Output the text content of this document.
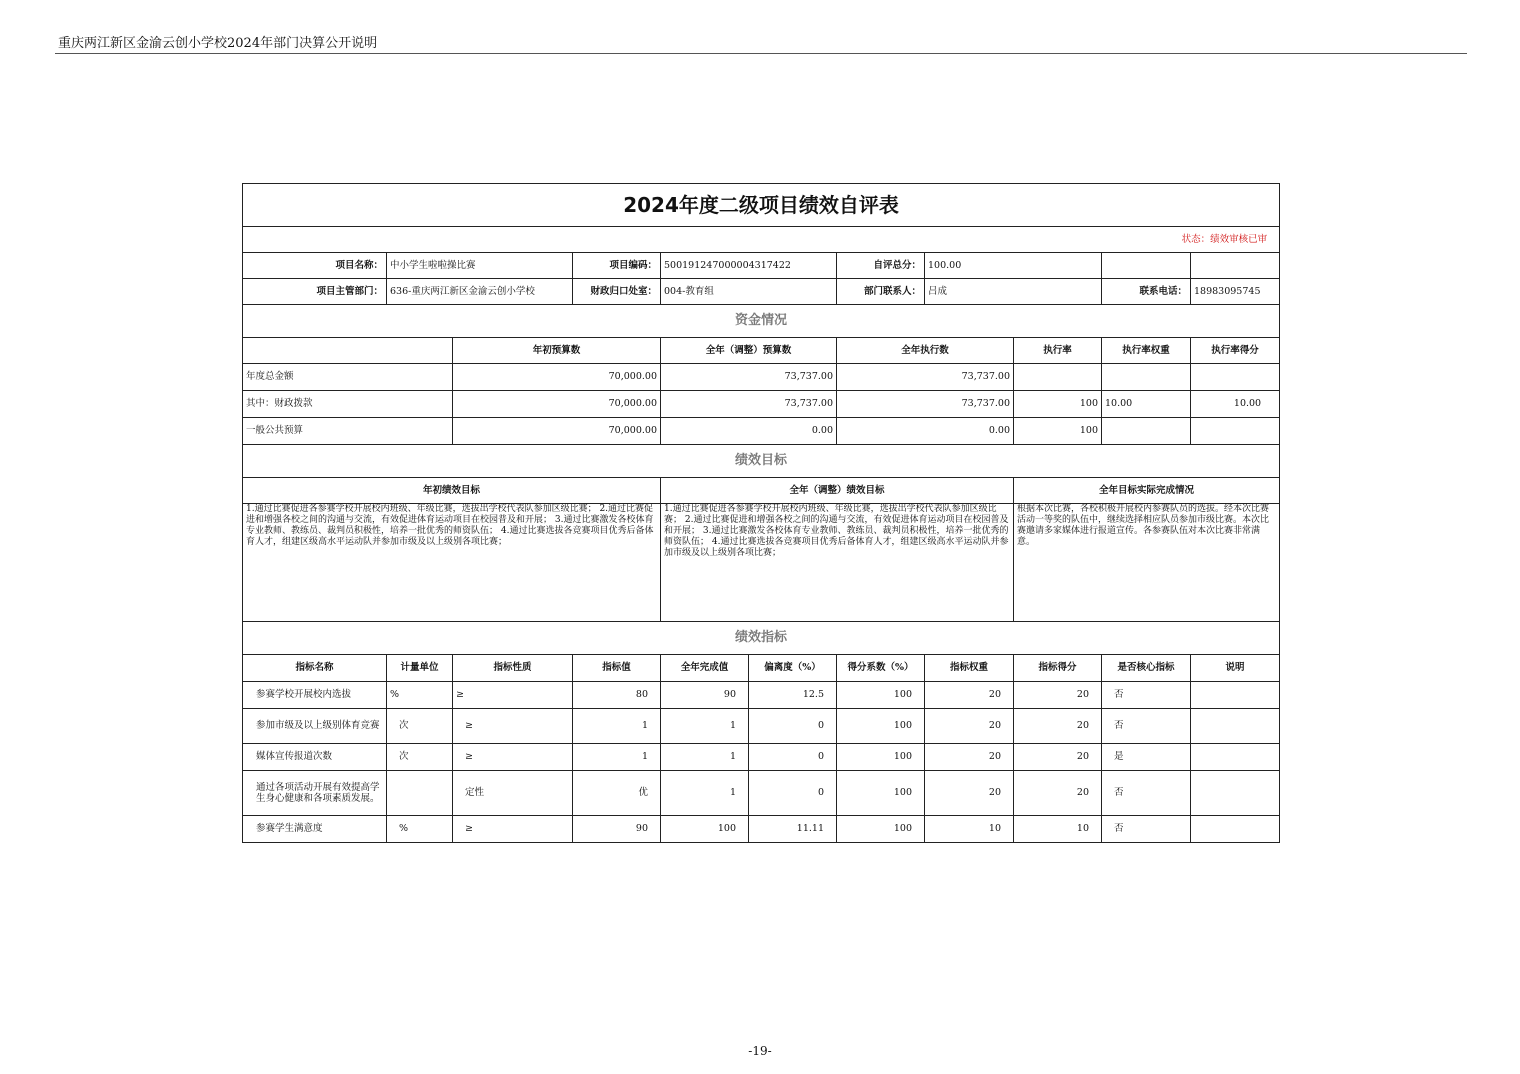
重庆两江新区金渝云创小学校2024年部门决算公开说明
2024年度二级项目绩效自评表										
状态：绩效审核已审										
项目名称：	中小学生啦啦操比赛		项目编码：	500191247000004317422		自评总分：	100.00			
项目主管部门：	636-重庆两江新区金渝云创小学校		财政归口处室：	004-教育组		部门联系人：	吕成		联系电话：	18983095745
资金情况										
		年初预算数		全年（调整）预算数		全年执行数		执行率	执行率权重	执行率得分
年度总金额		70,000.00		73,737.00		73,737.00				
其中：财政拨款		70,000.00		73,737.00		73,737.00		100	10.00	10.00
一般公共预算		70,000.00		0.00		0.00		100		
绩效目标										
年初绩效目标				全年（调整）绩效目标				全年目标实际完成情况		
1.通过比赛促进各参赛学校开展校内班级、年级比赛，选拔出学校代表队参加区级比赛； 2.通过比赛促进和增强各校之间的沟通与交流，有效促进体育运动项目在校园普及和开展； 3.通过比赛激发各校体育专业教师、教练员、裁判员积极性，培养一批优秀的师资队伍； 4.通过比赛选拔各竞赛项目优秀后备体育人才，组建区级高水平运动队并参加市级及以上级别各项比赛；				1.通过比赛促进各参赛学校开展校内班级、年级比赛，选拔出学校代表队参加区级比赛； 2.通过比赛促进和增强各校之间的沟通与交流，有效促进体育运动项目在校园普及和开展； 3.通过比赛激发各校体育专业教师、教练员、裁判员积极性，培养一批优秀的师资队伍； 4.通过比赛选拔各竞赛项目优秀后备体育人才，组建区级高水平运动队并参加市级及以上级别各项比赛；				根据本次比赛，各校积极开展校内参赛队员的选拔。经本次比赛活动一等奖的队伍中，继续选择相应队员参加市级比赛。本次比赛邀请多家媒体进行报道宣传。各参赛队伍对本次比赛非常满意。		
绩效指标										
指标名称	计量单位	指标性质	指标值	全年完成值	偏离度（%）	得分系数（%）	指标权重	指标得分	是否核心指标	说明
参赛学校开展校内选拔	%	≥	80	90	12.5	100	20	20	否	
参加市级及以上级别体育竞赛	次	≥	1	1	0	100	20	20	否	
媒体宣传报道次数	次	≥	1	1	0	100	20	20	是	
通过各项活动开展有效提高学生身心健康和各项素质发展。		定性	优	1	0	100	20	20	否	
参赛学生满意度	%	≥	90	100	11.11	100	10	10	否	
-19-
